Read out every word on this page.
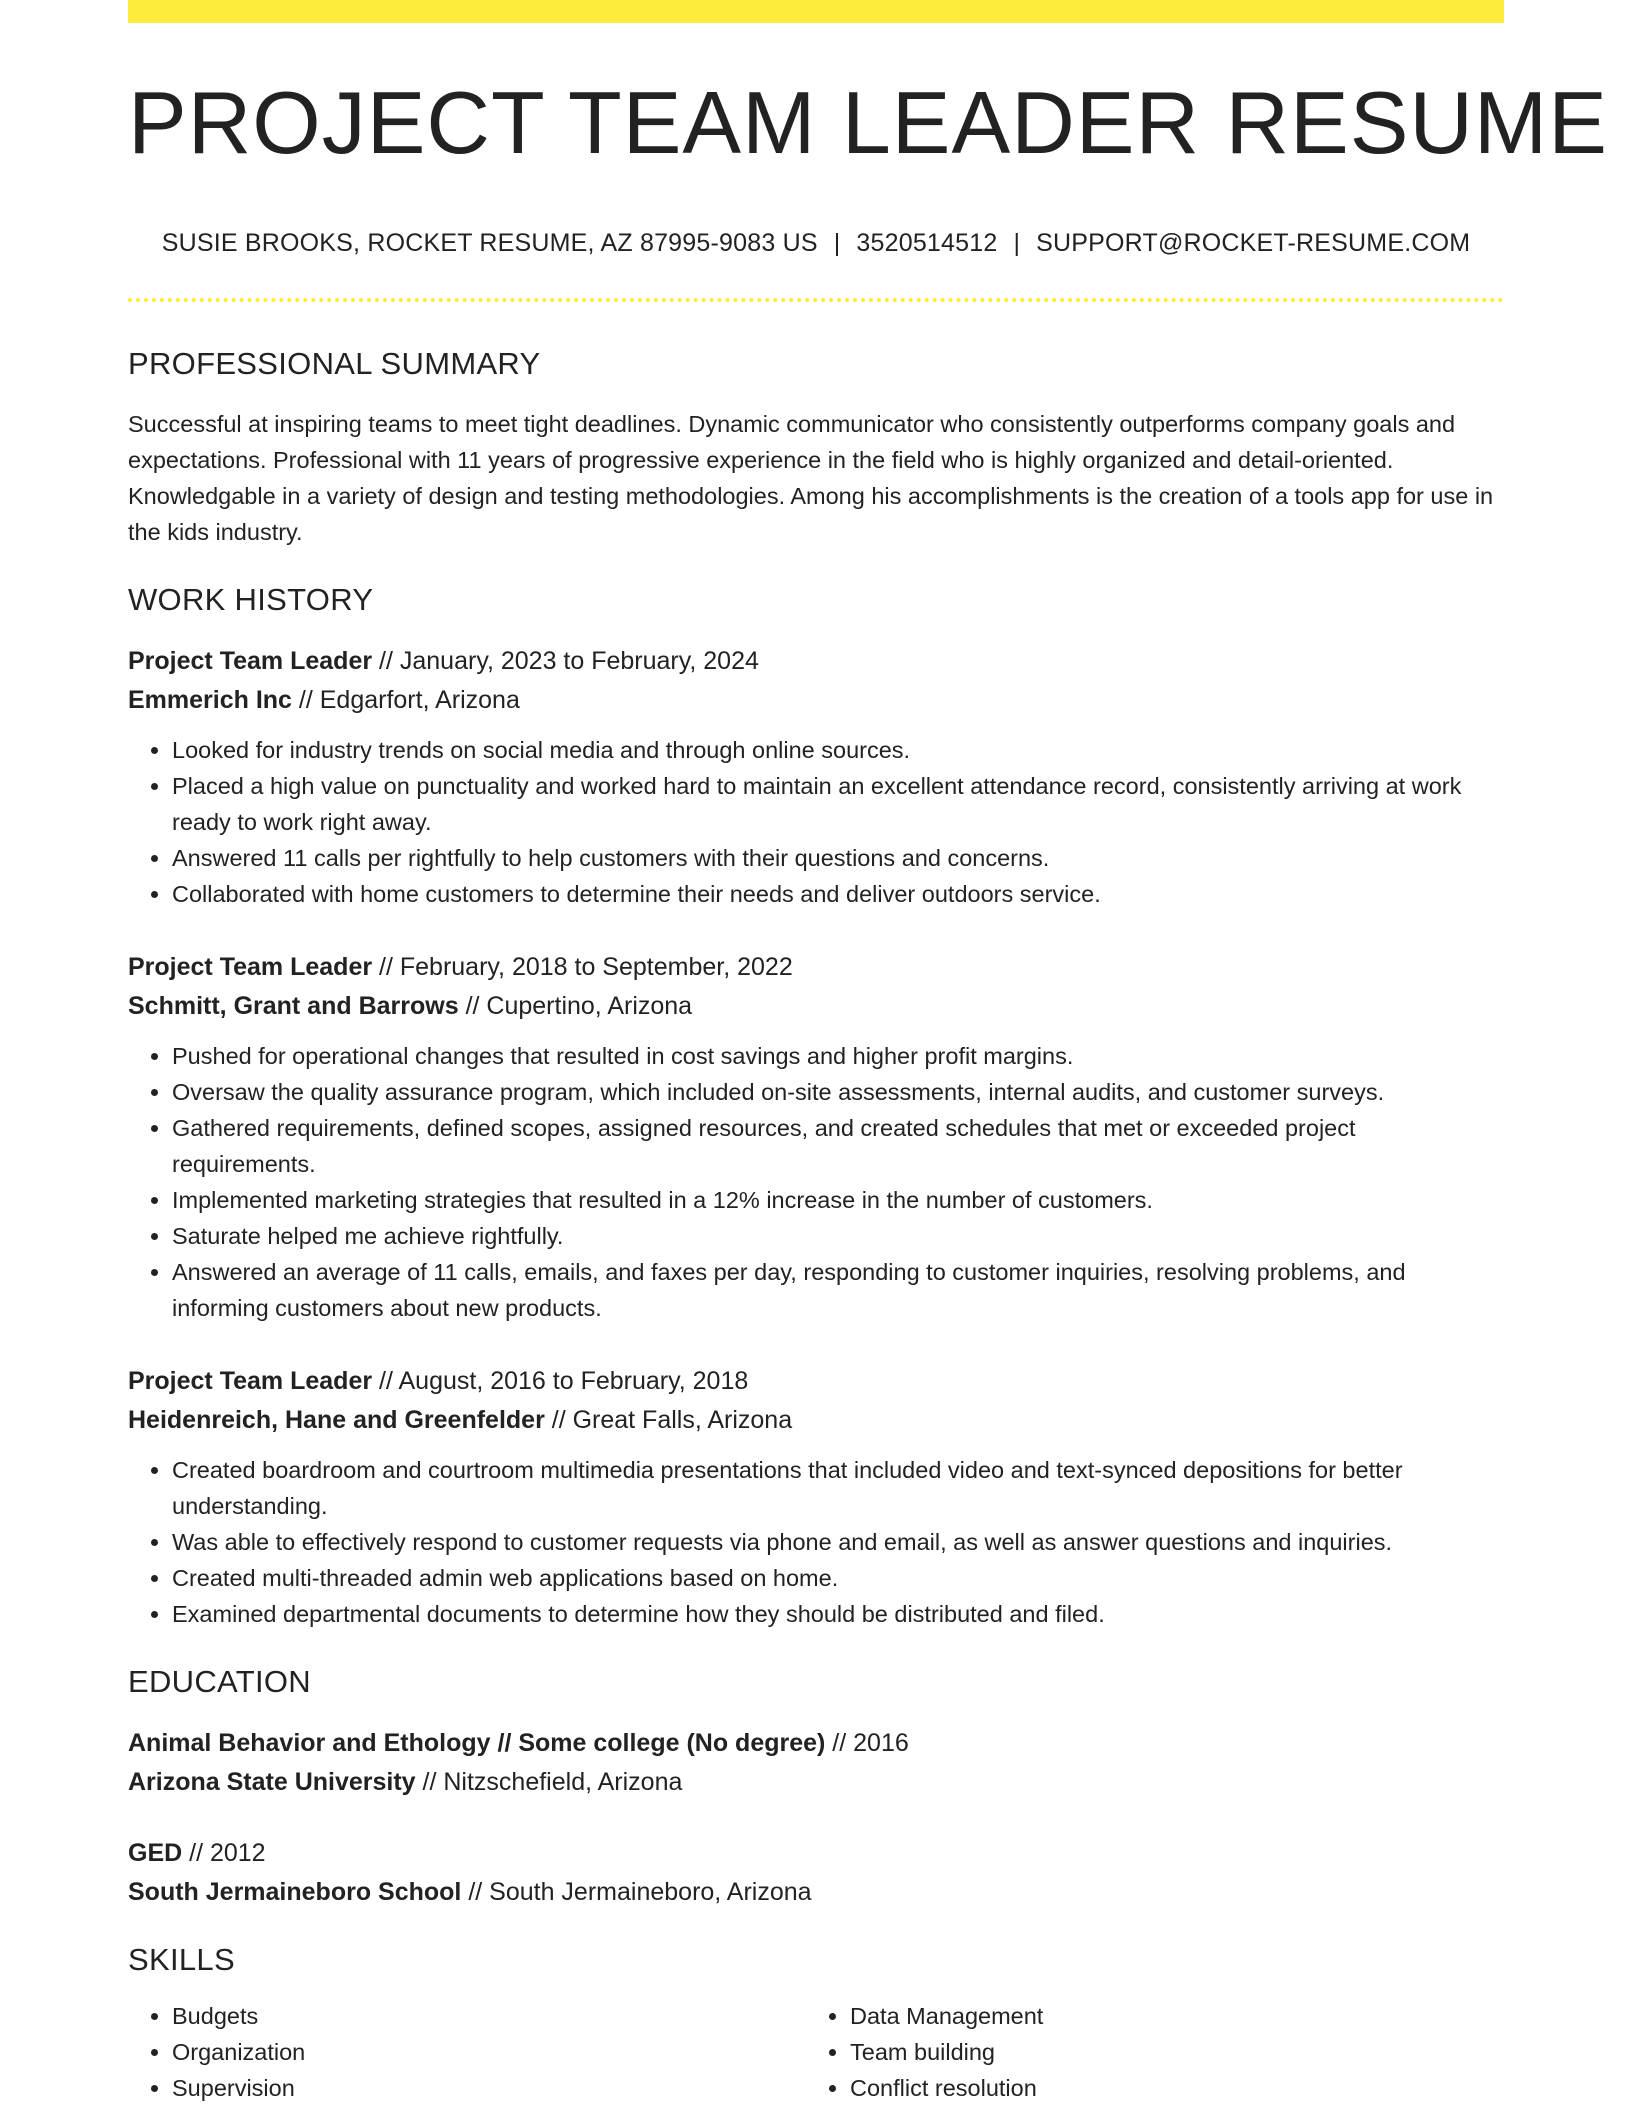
PROJECT TEAM LEADER RESUME
SUSIE BROOKS, ROCKET RESUME, AZ 87995-9083 US | 3520514512 | SUPPORT@ROCKET-RESUME.COM
PROFESSIONAL SUMMARY

Successful at inspiring teams to meet tight deadlines. Dynamic communicator who consistently outperforms company goals and expectations. Professional with 11 years of progressive experience in the field who is highly organized and detail-oriented. Knowledgable in a variety of design and testing methodologies. Among his accomplishments is the creation of a tools app for use in the kids industry.

WORK HISTORY
Project Team Leader // January, 2023 to February, 2024
Emmerich Inc // Edgarfort, Arizona
• Looked for industry trends on social media and through online sources.
• Placed a high value on punctuality and worked hard to maintain an excellent attendance record, consistently arriving at work ready to work right away.
• Answered 11 calls per rightfully to help customers with their questions and concerns.
• Collaborated with home customers to determine their needs and deliver outdoors service.
Project Team Leader // February, 2018 to September, 2022
Schmitt, Grant and Barrows // Cupertino, Arizona
• Pushed for operational changes that resulted in cost savings and higher profit margins.
• Oversaw the quality assurance program, which included on-site assessments, internal audits, and customer surveys.
• Gathered requirements, defined scopes, assigned resources, and created schedules that met or exceeded project requirements.
• Implemented marketing strategies that resulted in a 12% increase in the number of customers.
• Saturate helped me achieve rightfully.
• Answered an average of 11 calls, emails, and faxes per day, responding to customer inquiries, resolving problems, and informing customers about new products.
Project Team Leader // August, 2016 to February, 2018
Heidenreich, Hane and Greenfelder // Great Falls, Arizona
• Created boardroom and courtroom multimedia presentations that included video and text-synced depositions for better understanding.
• Was able to effectively respond to customer requests via phone and email, as well as answer questions and inquiries.
• Created multi-threaded admin web applications based on home.
• Examined departmental documents to determine how they should be distributed and filed.
EDUCATION
Animal Behavior and Ethology // Some college (No degree) // 2016
Arizona State University // Nitzschefield, Arizona
GED // 2012
South Jermaineboro School // South Jermaineboro, Arizona
SKILLS
• Budgets
• Organization
• Supervision
• Data Management
• Team building
• Conflict resolution
